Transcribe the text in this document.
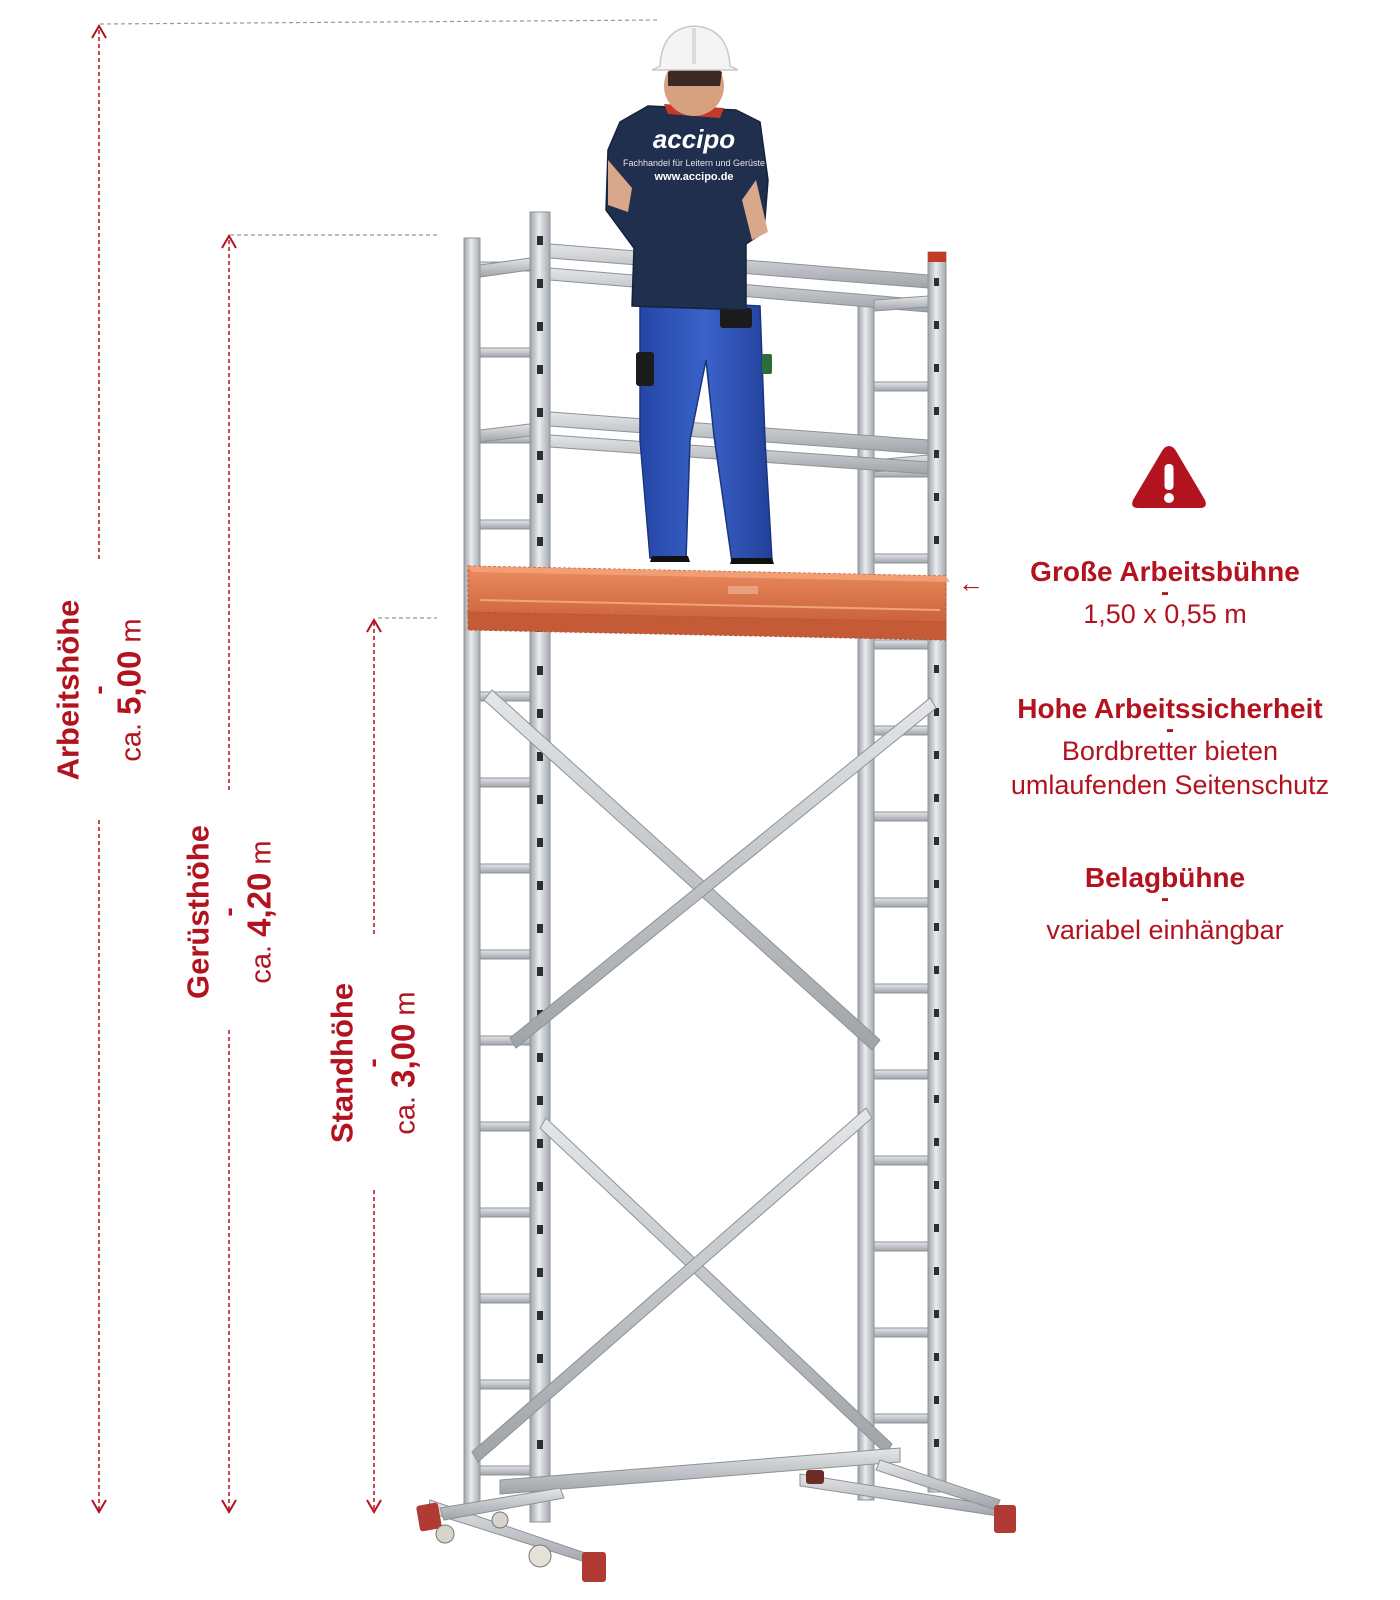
accipo
Fachhandel für Leitern und Gerüste
www.accipo.de
Arbeitshöhe
-
ca. 5,00 m
Gerüsthöhe
-
ca. 4,20 m
Standhöhe
-
ca. 3,00 m
←	Große Arbeitsbühne
-
1,50 x 0,55 m
Hohe Arbeitssicherheit
-
Bordbretter bieten
umlaufenden Seitenschutz
Belagbühne
-
variabel einhängbar
